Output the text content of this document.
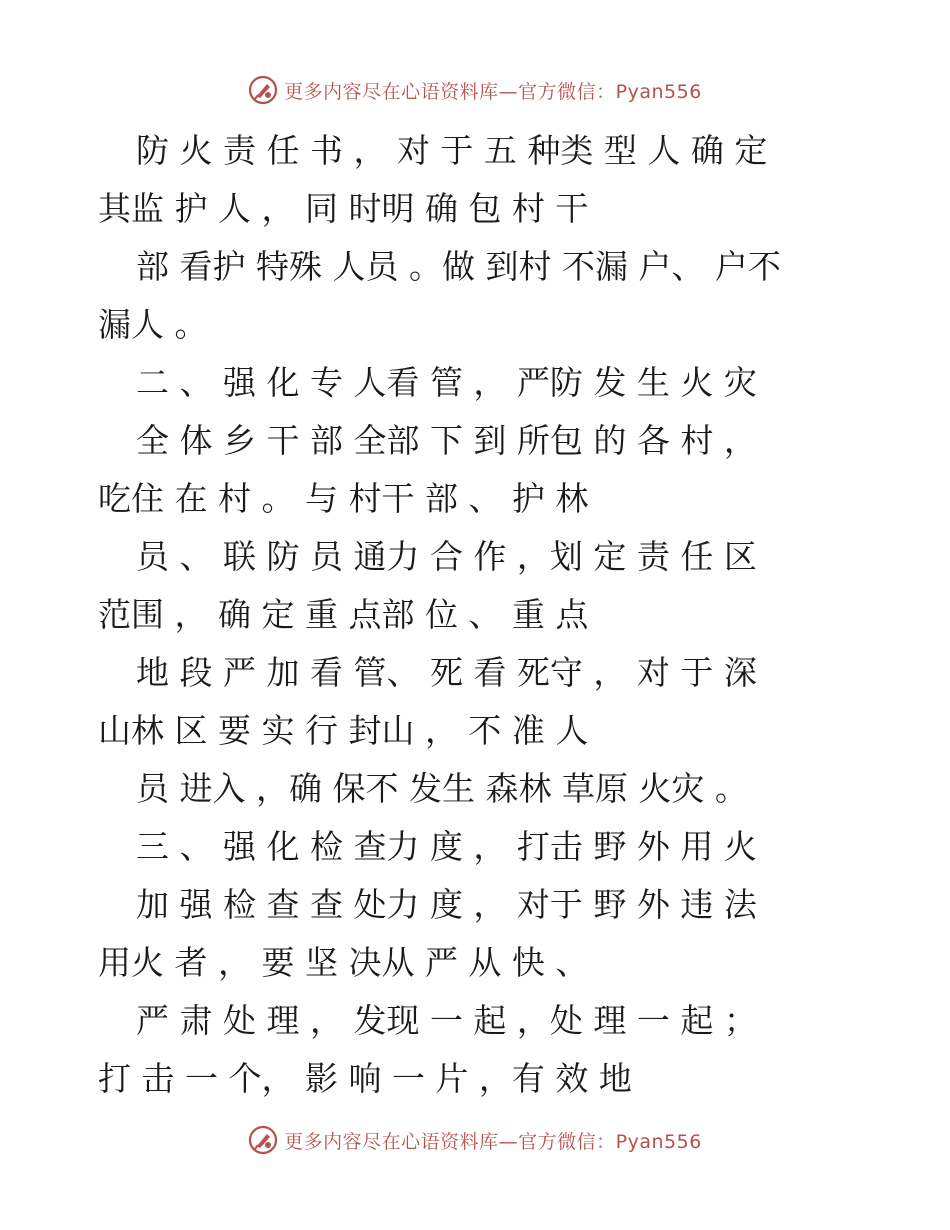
更多内容尽在心语资料库—官方微信：Pyan556
防 火 责 任 书 ， 对 于 五 种类 型 人 确 定
其监 护 人 ， 同 时明 确 包 村 干
部 看护 特殊 人员 。做 到村 不漏 户、 户不
漏人 。
二 、 强 化 专 人看 管 ， 严防 发 生 火 灾
全 体 乡 干 部 全部 下 到 所包 的 各 村 ，
吃住 在 村 。 与 村干 部 、 护 林
员 、 联 防 员 通力 合 作 ，划 定 责 任 区
范围 ， 确 定 重 点部 位 、 重 点
地 段 严 加 看 管、 死 看 死守 ， 对 于 深
山林 区 要 实 行 封山 ， 不 准 人
员 进入 ，确 保不 发生 森林 草原 火灾 。
三 、 强 化 检 查力 度 ， 打击 野 外 用 火
加 强 检 查 查 处力 度 ， 对于 野 外 违 法
用火 者 ， 要 坚 决从 严 从 快 、
严 肃 处 理 ， 发现 一 起 ，处 理 一 起 ；
打 击 一 个， 影 响 一 片 ，有 效 地
更多内容尽在心语资料库—官方微信：Pyan556
